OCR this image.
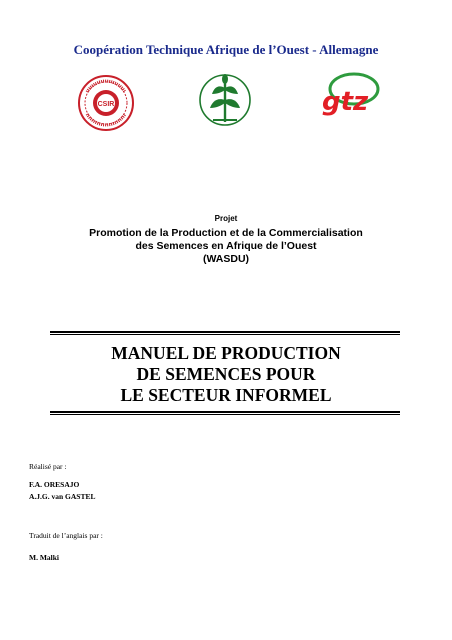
Coopération Technique Afrique de l’Ouest - Allemagne
CSIR	gtz
Projet
Promotion de la Production et de la Commercialisation
des Semences en Afrique de l’Ouest
(WASDU)
MANUEL DE PRODUCTION
DE SEMENCES POUR
LE SECTEUR INFORMEL
Réalisé par :
F.A. ORESAJO
A.J.G. van GASTEL
Traduit de l’anglais par :
M. Malki
